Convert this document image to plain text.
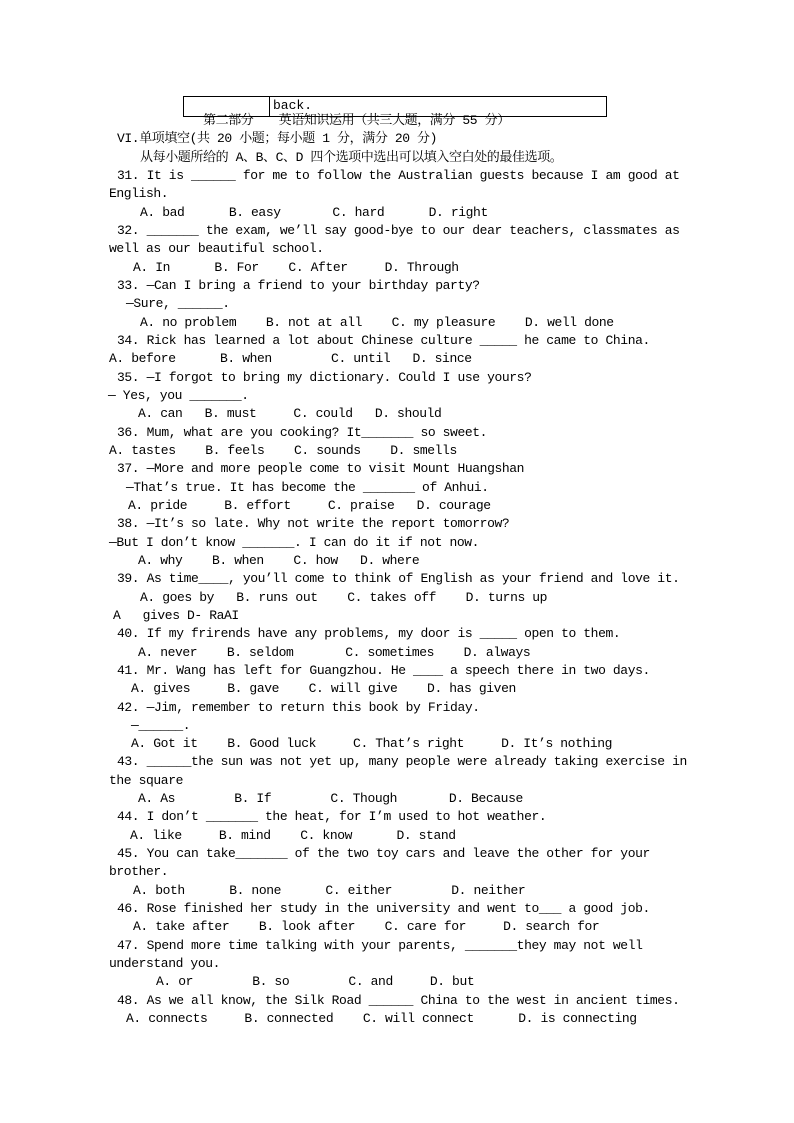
back.
第二部分　　英语知识运用（共三大题，满分 55 分）
VI.单项填空(共 20 小题；每小题 1 分，满分 20 分)
从每小题所给的 A、B、C、D 四个选项中选出可以填入空白处的最佳选项。
31. It is ______ for me to follow the Australian guests because I am good at
English.
A. bad      B. easy       C. hard      D. right
32. _______ the exam, we’ll say good-bye to our dear teachers, classmates as
well as our beautiful school.
A. In      B. For    C. After     D. Through
33. —Can I bring a friend to your birthday party?
—Sure, ______.
A. no problem    B. not at all    C. my pleasure    D. well done
34. Rick has learned a lot about Chinese culture _____ he came to China.
A. before      B. when        C. until   D. since
35. —I forgot to bring my dictionary. Could I use yours?
— Yes, you _______.
A. can   B. must     C. could   D. should
36. Mum, what are you cooking? It_______ so sweet.
A. tastes    B. feels    C. sounds    D. smells
37. —More and more people come to visit Mount Huangshan
—That’s true. It has become the _______ of Anhui.
A. pride     B. effort     C. praise   D. courage
38. —It’s so late. Why not write the report tomorrow?
—But I don’t know _______. I can do it if not now.
A. why    B. when    C. how   D. where
39. As time____, you’ll come to think of English as your friend and love it.
A. goes by   B. runs out    C. takes off    D. turns up
A   gives D- RaAI
40. If my frirends have any problems, my door is _____ open to them.
A. never    B. seldom       C. sometimes    D. always
41. Mr. Wang has left for Guangzhou. He ____ a speech there in two days.
A. gives     B. gave    C. will give    D. has given
42. —Jim, remember to return this book by Friday.
—______.
A. Got it    B. Good luck     C. That’s right     D. It’s nothing
43. ______the sun was not yet up, many people were already taking exercise in
the square
A. As        B. If        C. Though       D. Because
44. I don’t _______ the heat, for I’m used to hot weather.
A. like     B. mind    C. know      D. stand
45. You can take_______ of the two toy cars and leave the other for your
brother.
A. both      B. none      C. either        D. neither
46. Rose finished her study in the university and went to___ a good job.
A. take after    B. look after    C. care for     D. search for
47. Spend more time talking with your parents, _______they may not well
understand you.
A. or        B. so        C. and     D. but
48. As we all know, the Silk Road ______ China to the west in ancient times.
A. connects     B. connected    C. will connect      D. is connecting
